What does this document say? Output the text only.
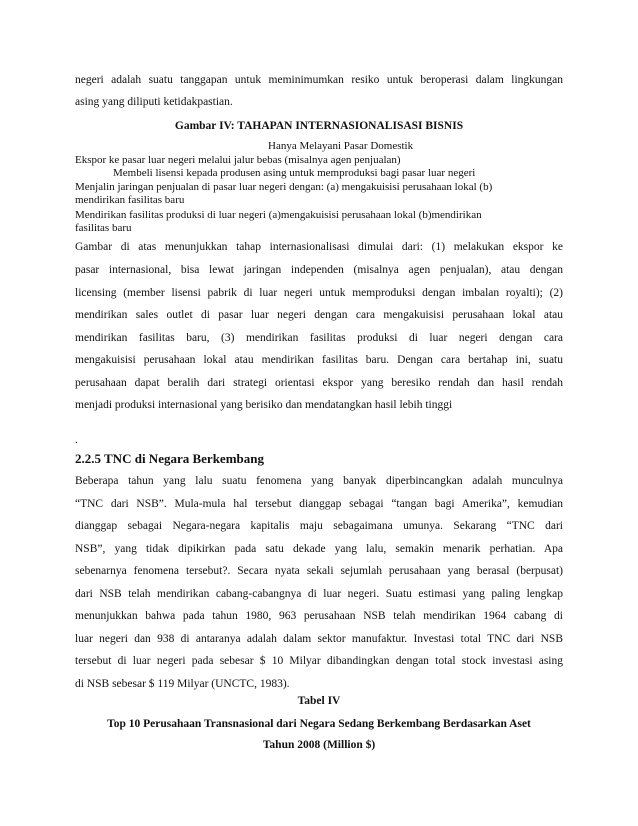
negeri adalah suatu tanggapan untuk meminimumkan resiko untuk beroperasi dalam lingkungan
asing yang diliputi ketidakpastian.
Gambar IV: TAHAPAN INTERNASIONALISASI BISNIS
Hanya Melayani Pasar Domestik
Ekspor ke pasar luar negeri melalui jalur bebas (misalnya agen penjualan)
Membeli lisensi kepada produsen asing untuk memproduksi bagi pasar luar negeri
Menjalin jaringan penjualan di pasar luar negeri dengan: (a) mengakuisisi perusahaan lokal (b)
mendirikan fasilitas baru
Mendirikan fasilitas produksi di luar negeri (a)mengakuisisi perusahaan lokal (b)mendirikan
fasilitas baru
Gambar di atas menunjukkan tahap internasionalisasi dimulai dari: (1) melakukan ekspor ke
pasar internasional, bisa lewat jaringan independen (misalnya agen penjualan), atau dengan
licensing (member lisensi pabrik di luar negeri untuk memproduksi dengan imbalan royalti); (2)
mendirikan sales outlet di pasar luar negeri dengan cara mengakuisisi perusahaan lokal atau
mendirikan fasilitas baru, (3) mendirikan fasilitas produksi di luar negeri dengan cara
mengakuisisi perusahaan lokal atau mendirikan fasilitas baru. Dengan cara bertahap ini, suatu
perusahaan dapat beralih dari strategi orientasi ekspor yang beresiko rendah dan hasil rendah
menjadi produksi internasional yang berisiko dan mendatangkan hasil lebih tinggi
.
2.2.5 TNC di Negara Berkembang
Beberapa tahun yang lalu suatu fenomena yang banyak diperbincangkan adalah munculnya
“TNC dari NSB”. Mula-mula hal tersebut dianggap sebagai “tangan bagi Amerika”, kemudian
dianggap sebagai Negara-negara kapitalis maju sebagaimana umunya. Sekarang “TNC dari
NSB”, yang tidak dipikirkan pada satu dekade yang lalu, semakin menarik perhatian. Apa
sebenarnya fenomena tersebut?. Secara nyata sekali sejumlah perusahaan yang berasal (berpusat)
dari NSB telah mendirikan cabang-cabangnya di luar negeri. Suatu estimasi yang paling lengkap
menunjukkan bahwa pada tahun 1980, 963 perusahaan NSB telah mendirikan 1964 cabang di
luar negeri dan 938 di antaranya adalah dalam sektor manufaktur. Investasi total TNC dari NSB
tersebut di luar negeri pada sebesar $ 10 Milyar dibandingkan dengan total stock investasi asing
di NSB sebesar $ 119 Milyar (UNCTC, 1983).
Tabel IV
Top 10 Perusahaan Transnasional dari Negara Sedang Berkembang Berdasarkan Aset
Tahun 2008 (Million $)
